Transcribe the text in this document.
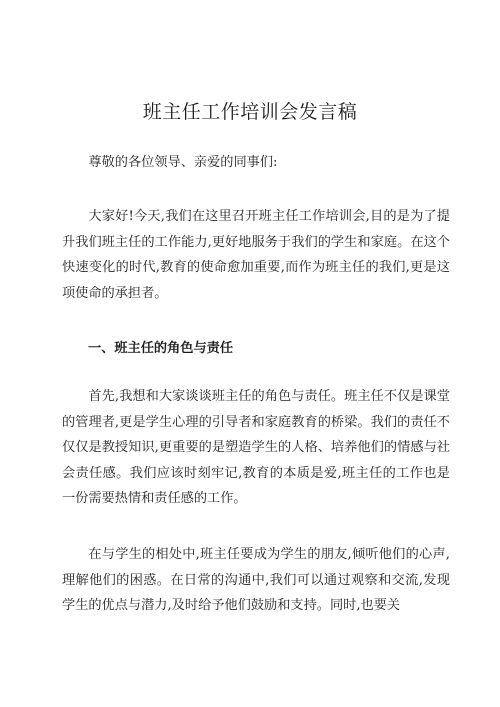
班主任工作培训会发言稿

尊敬的各位领导、亲爱的同事们:

大家好!今天,我们在这里召开班主任工作培训会,目的是为了提升我们班主任的工作能力,更好地服务于我们的学生和家庭。在这个快速变化的时代,教育的使命愈加重要,而作为班主任的我们,更是这项使命的承担者。

一、班主任的角色与责任

首先,我想和大家谈谈班主任的角色与责任。班主任不仅是课堂的管理者,更是学生心理的引导者和家庭教育的桥梁。我们的责任不仅仅是教授知识,更重要的是塑造学生的人格、培养他们的情感与社会责任感。我们应该时刻牢记,教育的本质是爱,班主任的工作也是一份需要热情和责任感的工作。

在与学生的相处中,班主任要成为学生的朋友,倾听他们的心声,理解他们的困惑。在日常的沟通中,我们可以通过观察和交流,发现学生的优点与潜力,及时给予他们鼓励和支持。同时,也要关
